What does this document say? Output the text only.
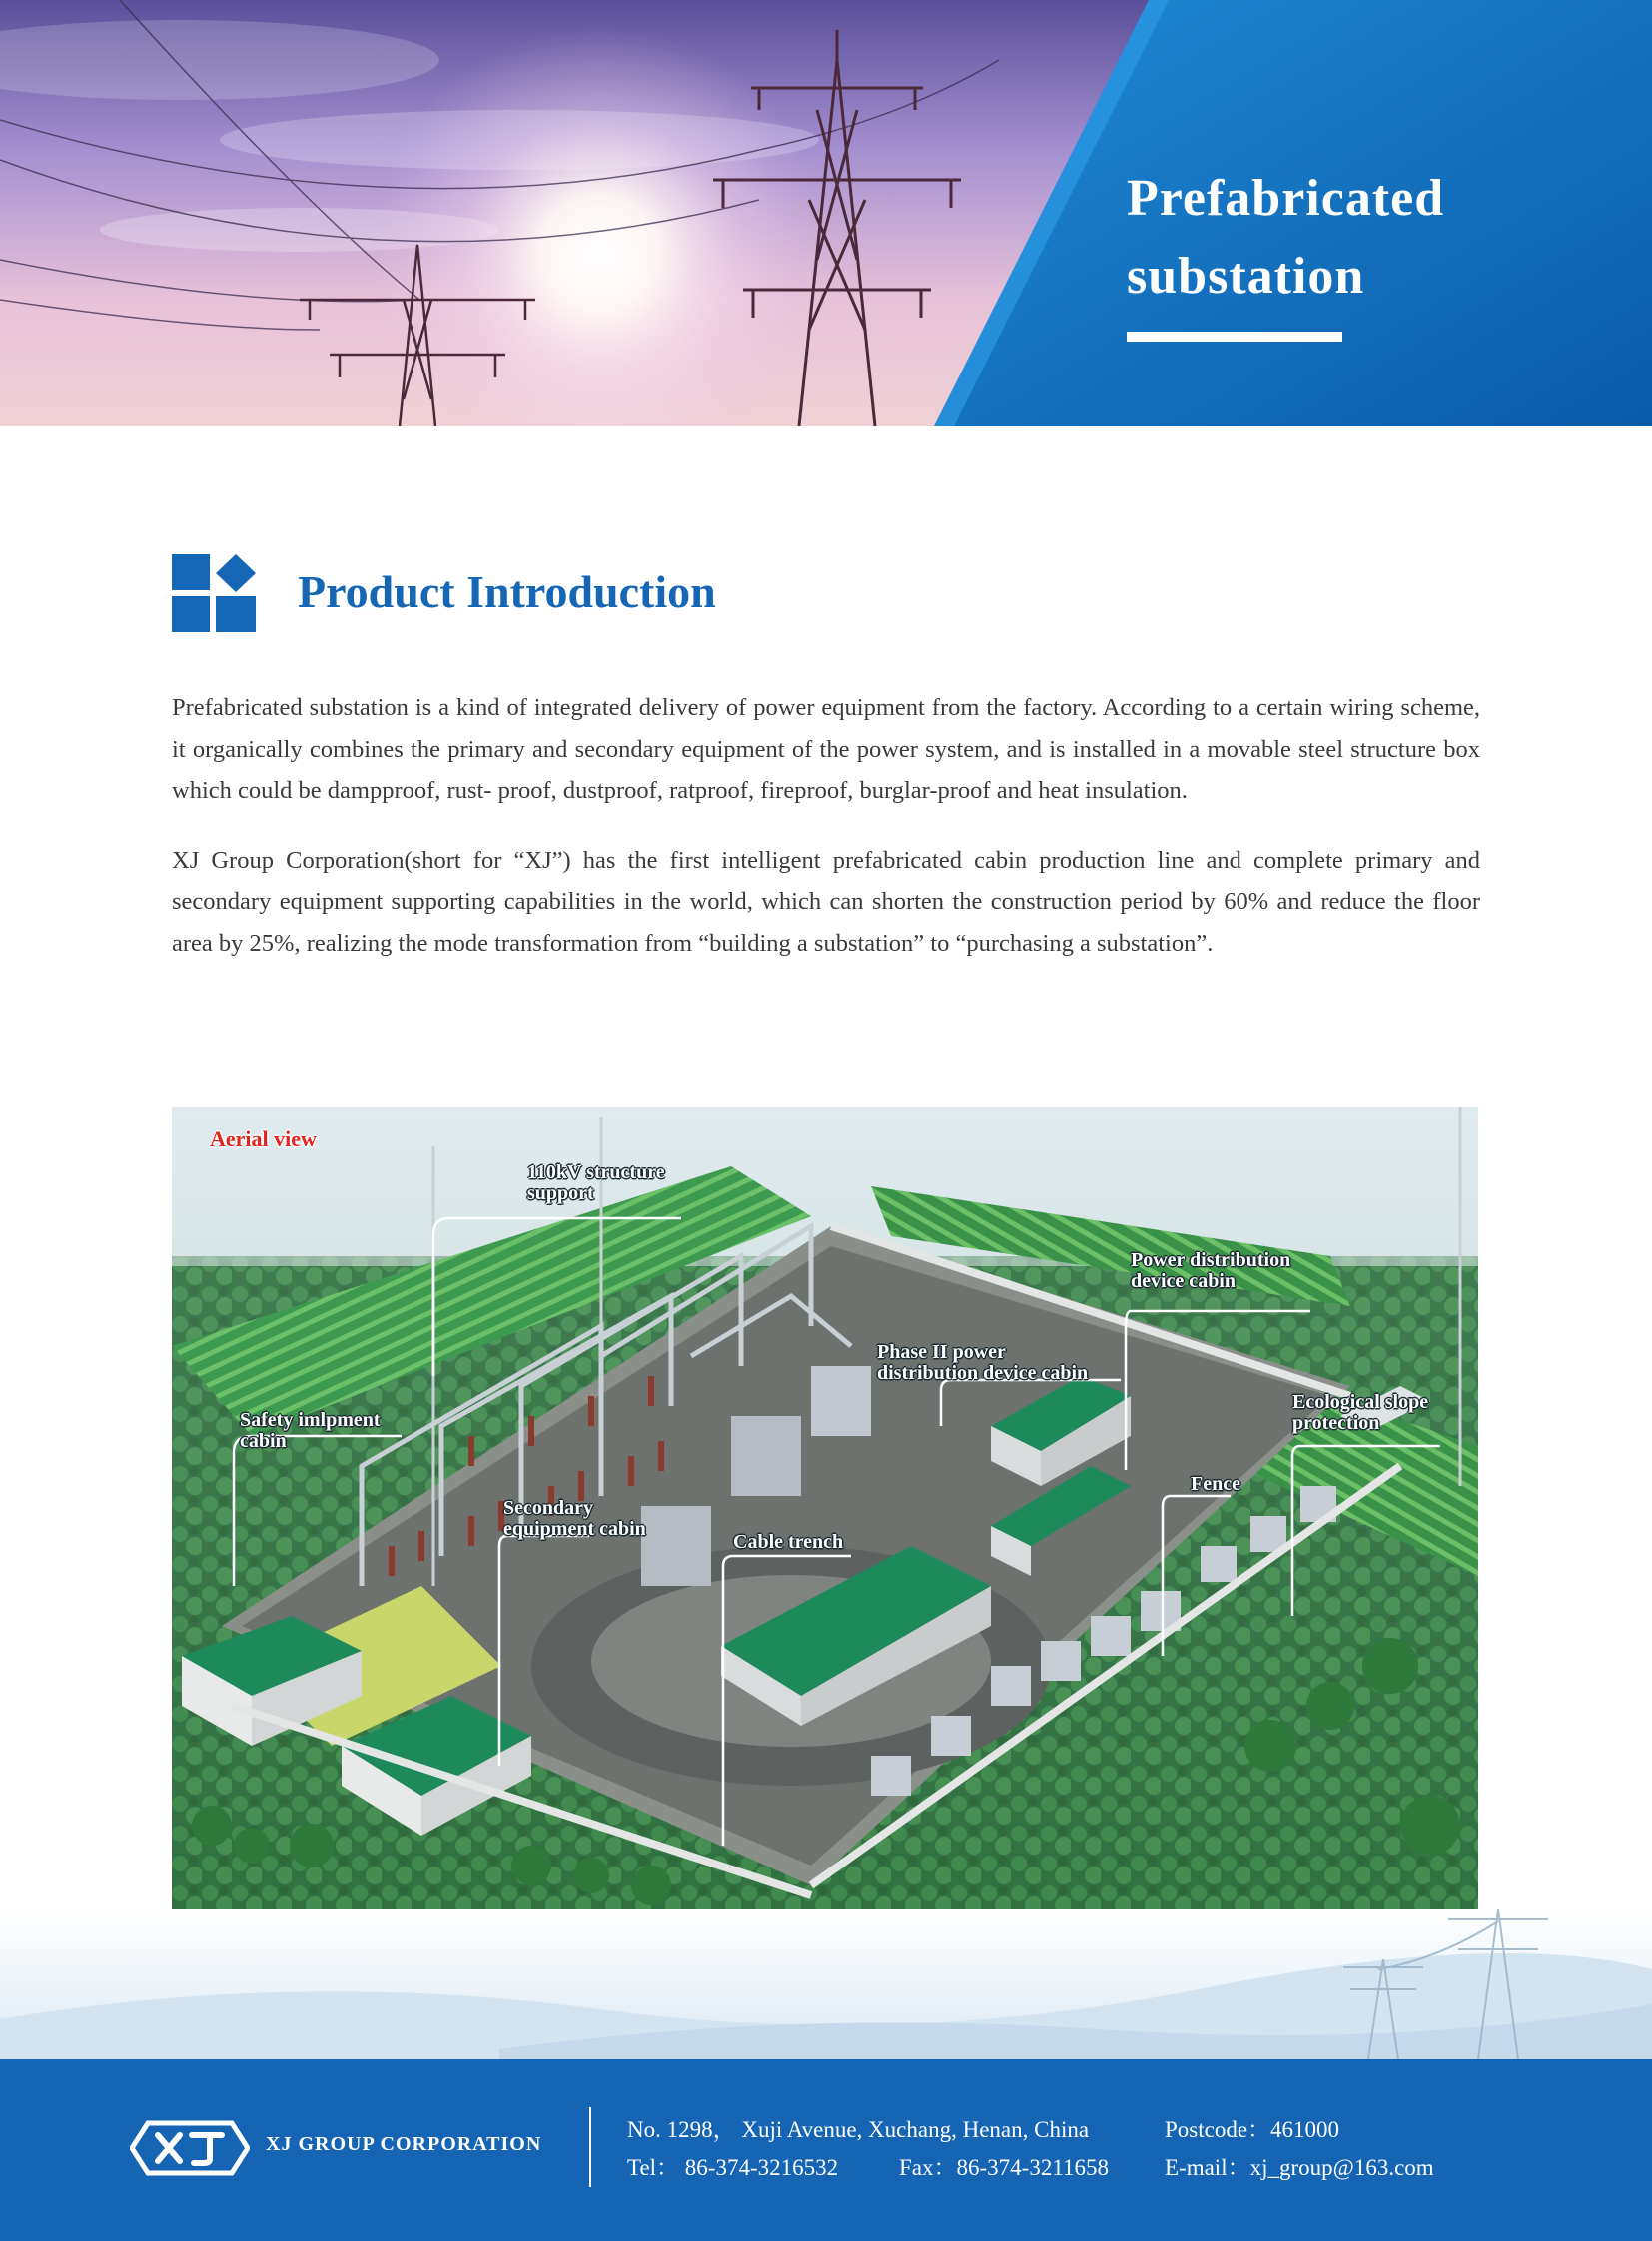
Prefabricated
substation
Product Introduction

Prefabricated substation is a kind of integrated delivery of power equipment from the factory. According to a certain wiring scheme, it organically combines the primary and secondary equipment of the power system, and is installed in a movable steel structure box which could be dampproof, rust- proof, dustproof, ratproof, fireproof, burglar-proof and heat insulation.

XJ Group Corporation(short for “XJ”) has the first intelligent prefabricated cabin production line and complete primary and secondary equipment supporting capabilities in the world, which can shorten the construction period by 60% and reduce the floor area by 25%, realizing the mode transformation from “building a substation” to “purchasing a substation”.

Aerial view
110kV structure
support
Power distribution
device cabin
Phase II power
distribution device cabin
Safety imlpment
cabin
Ecological slope
protection
Fence
Secondary
equipment cabin
Cable trench
XJ GROUP CORPORATION
No. 1298， Xuji Avenue, Xuchang, Henan, China	Postcode：461000
Tel： 86-374-3216532	Fax：86-374-3211658 E-mail：xj_group@163.com
